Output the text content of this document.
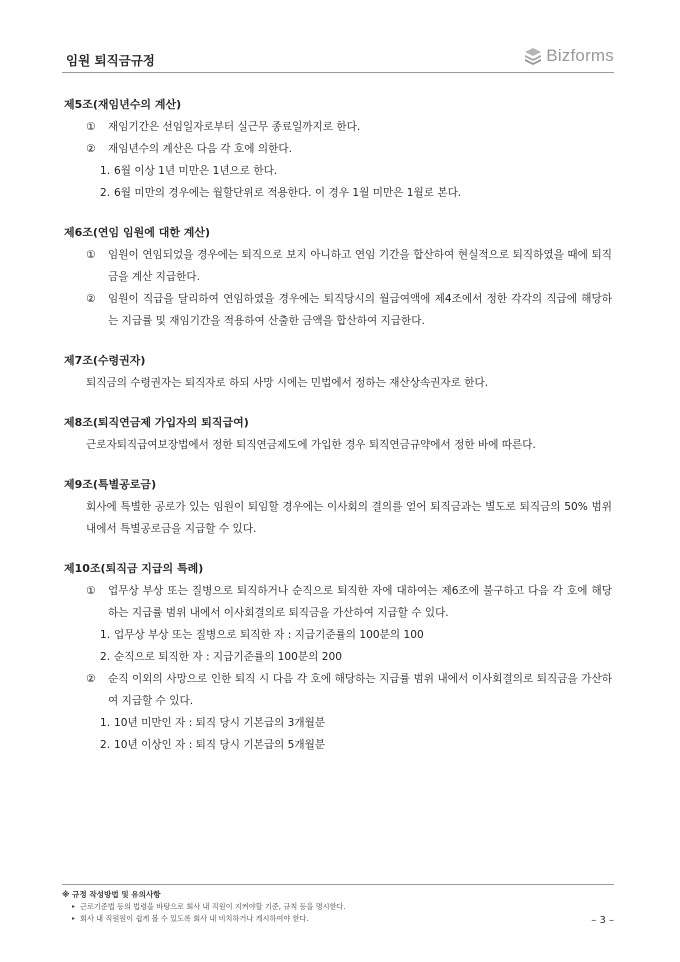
임원 퇴직금규정	Bizforms
제5조(재임년수의 계산)
①	재임기간은 선임일자로부터 실근무 종료일까지로 한다.
②	재임년수의 계산은 다음 각 호에 의한다.
1. 6월 이상 1년 미만은 1년으로 한다.
2. 6월 미만의 경우에는 월할단위로 적용한다. 이 경우 1월 미만은 1월로 본다.
제6조(연임 임원에 대한 계산)
①	임원이 연임되었을 경우에는 퇴직으로 보지 아니하고 연임 기간을 합산하여 현실적으로 퇴직하였을 때에 퇴직금을 계산 지급한다.
②	임원이 직급을 달리하여 연임하였을 경우에는 퇴직당시의 월급여액에 제4조에서 정한 각각의 직급에 해당하는 지급률 및 재임기간을 적용하여 산출한 금액을 합산하여 지급한다.
제7조(수령권자)
퇴직금의 수령권자는 퇴직자로 하되 사망 시에는 민법에서 정하는 재산상속권자로 한다.
제8조(퇴직연금제 가입자의 퇴직급여)
근로자퇴직급여보장법에서 정한 퇴직연금제도에 가입한 경우 퇴직연금규약에서 정한 바에 따른다.
제9조(특별공로금)
회사에 특별한 공로가 있는 임원이 퇴임할 경우에는 이사회의 결의를 얻어 퇴직금과는 별도로 퇴직금의 50% 범위 내에서 특별공로금을 지급할 수 있다.
제10조(퇴직금 지급의 특례)
①	업무상 부상 또는 질병으로 퇴직하거나 순직으로 퇴직한 자에 대하여는 제6조에 불구하고 다음 각 호에 해당하는 지급률 범위 내에서 이사회결의로 퇴직금을 가산하여 지급할 수 있다.
1. 업무상 부상 또는 질병으로 퇴직한 자 : 지급기준률의 100분의 100
2. 순직으로 퇴직한 자 : 지급기준률의 100분의 200
②	순직 이외의 사망으로 인한 퇴직 시 다음 각 호에 해당하는 지급률 범위 내에서 이사회결의로 퇴직금을 가산하여 지급할 수 있다.
1. 10년 미만인 자 : 퇴직 당시 기본급의 3개월분
2. 10년 이상인 자 : 퇴직 당시 기본급의 5개월분
※ 규정 작성방법 및 유의사항
▸ 근로기준법 등의 법령을 바탕으로 회사 내 직원이 지켜야할 기준, 규칙 등을 명시한다.
▸ 회사 내 직원원이 쉽게 볼 수 있도록 회사 내 비치하거나 게시하여야 한다.	– 3 –
